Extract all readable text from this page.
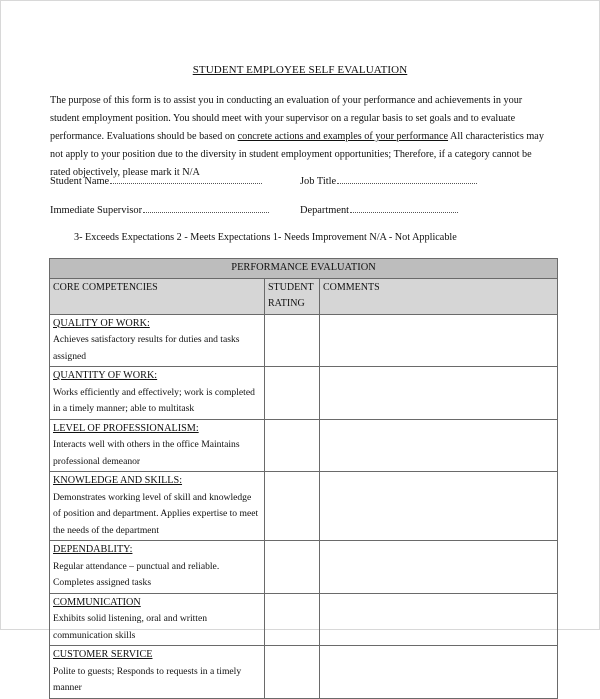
STUDENT EMPLOYEE SELF EVALUATION
The purpose of this form is to assist you in conducting an evaluation of your performance and achievements in your student employment position. You should meet with your supervisor on a regular basis to set goals and to evaluate performance. Evaluations should be based on concrete actions and examples of your performance All characteristics may not apply to your position due to the diversity in student employment opportunities; Therefore, if a category cannot be rated objectively, please mark it N/A
Student Name	Job Title
Immediate Supervisor	Department
3- Exceeds Expectations 2 - Meets Expectations 1- Needs Improvement N/A - Not Applicable
PERFORMANCE EVALUATION		
CORE COMPETENCIES	STUDENT RATING	COMMENTS

QUALITY OF WORK:
Achieves satisfactory results for duties and tasks assigned		

QUANTITY OF WORK:
Works efficiently and effectively; work is completed in a timely manner; able to multitask		

LEVEL OF PROFESSIONALISM:
Interacts well with others in the office Maintains professional demeanor		

KNOWLEDGE AND SKILLS:
Demonstrates working level of skill and knowledge of position and department. Applies expertise to meet the needs of the department		

DEPENDABLITY:
Regular attendance – punctual and reliable. Completes assigned tasks		

COMMUNICATION
Exhibits solid listening, oral and written communication skills		

CUSTOMER SERVICE
Polite to guests; Responds to requests in a timely manner		
